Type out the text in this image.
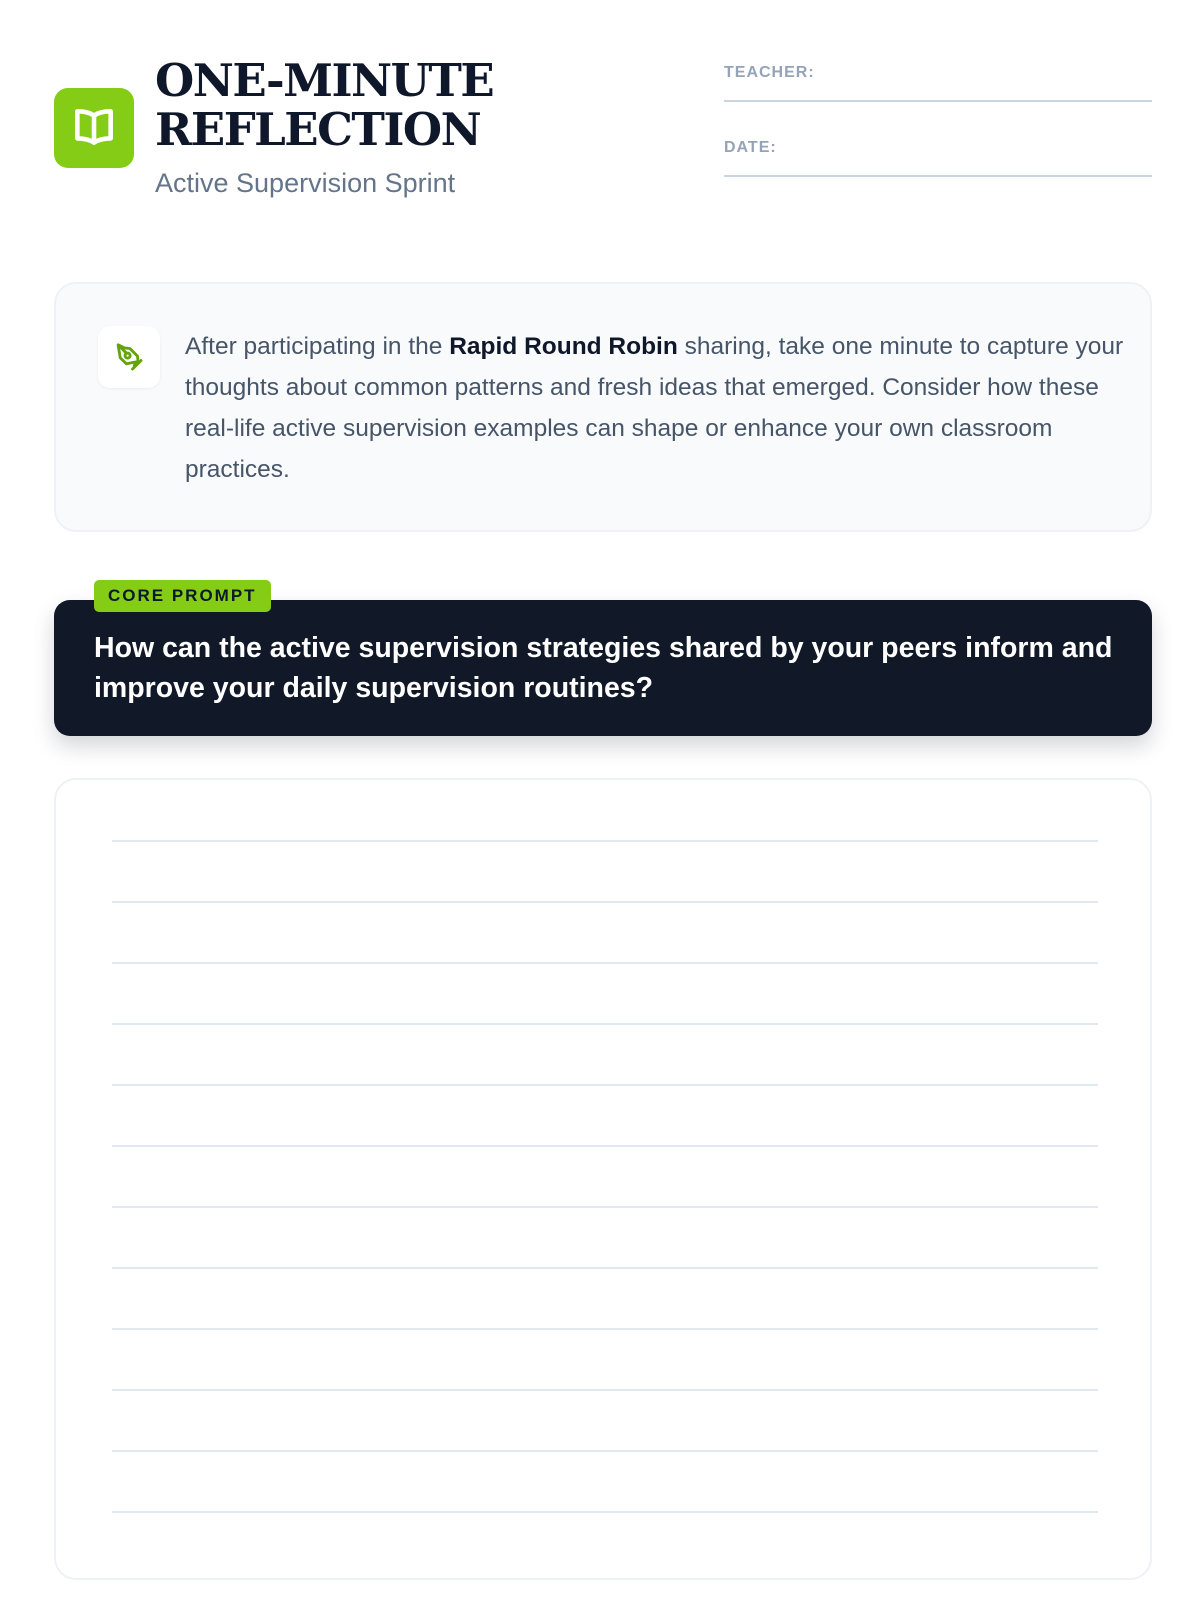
ONE-MINUTE
REFLECTION
Active Supervision Sprint
TEACHER:
DATE:

After participating in the Rapid Round Robin sharing, take one minute to capture your thoughts about common patterns and fresh ideas that emerged. Consider how these real-life active supervision examples can shape or enhance your own classroom practices.

How can the active supervision strategies shared by your peers inform and improve your daily supervision routines?
CORE PROMPT
